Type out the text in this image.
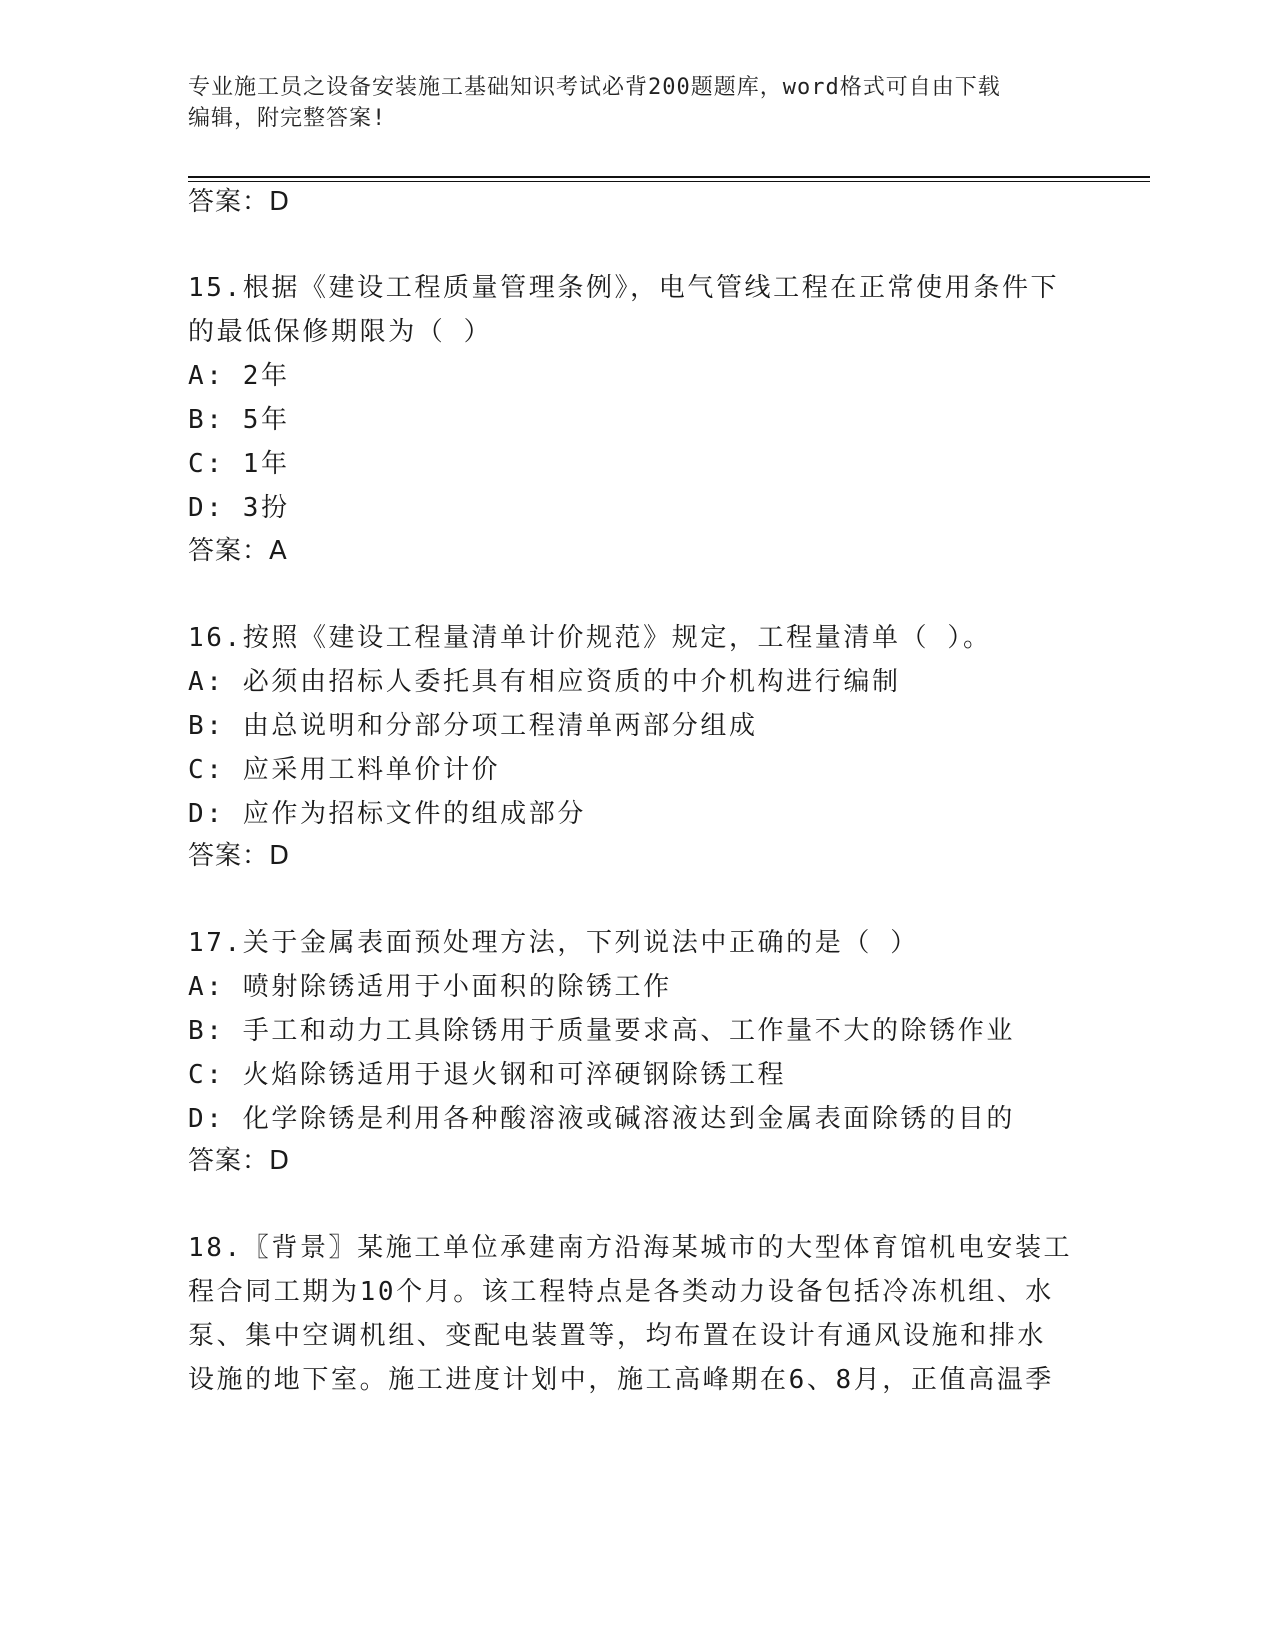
专业施工员之设备安装施工基础知识考试必背200题题库，word格式可自由下载
编辑，附完整答案!
答案：D
15.根据《建设工程质量管理条例》，电气管线工程在正常使用条件下
的最低保修期限为（ ）
A: 2年
B: 5年
C: 1年
D: 3扮
答案：A
16.按照《建设工程量清单计价规范》规定，工程量清单（ ）。
A: 必须由招标人委托具有相应资质的中介机构进行编制
B: 由总说明和分部分项工程清单两部分组成
C: 应采用工料单价计价
D: 应作为招标文件的组成部分
答案：D
17.关于金属表面预处理方法，下列说法中正确的是（ ）
A: 喷射除锈适用于小面积的除锈工作
B: 手工和动力工具除锈用于质量要求高、工作量不大的除锈作业
C: 火焰除锈适用于退火钢和可淬硬钢除锈工程
D: 化学除锈是利用各种酸溶液或碱溶液达到金属表面除锈的目的
答案：D
18.〖背景〗某施工单位承建南方沿海某城市的大型体育馆机电安装工
程合同工期为10个月。该工程特点是各类动力设备包括冷冻机组、水
泵、集中空调机组、变配电装置等，均布置在设计有通风设施和排水
设施的地下室。施工进度计划中，施工高峰期在6、8月，正值高温季
